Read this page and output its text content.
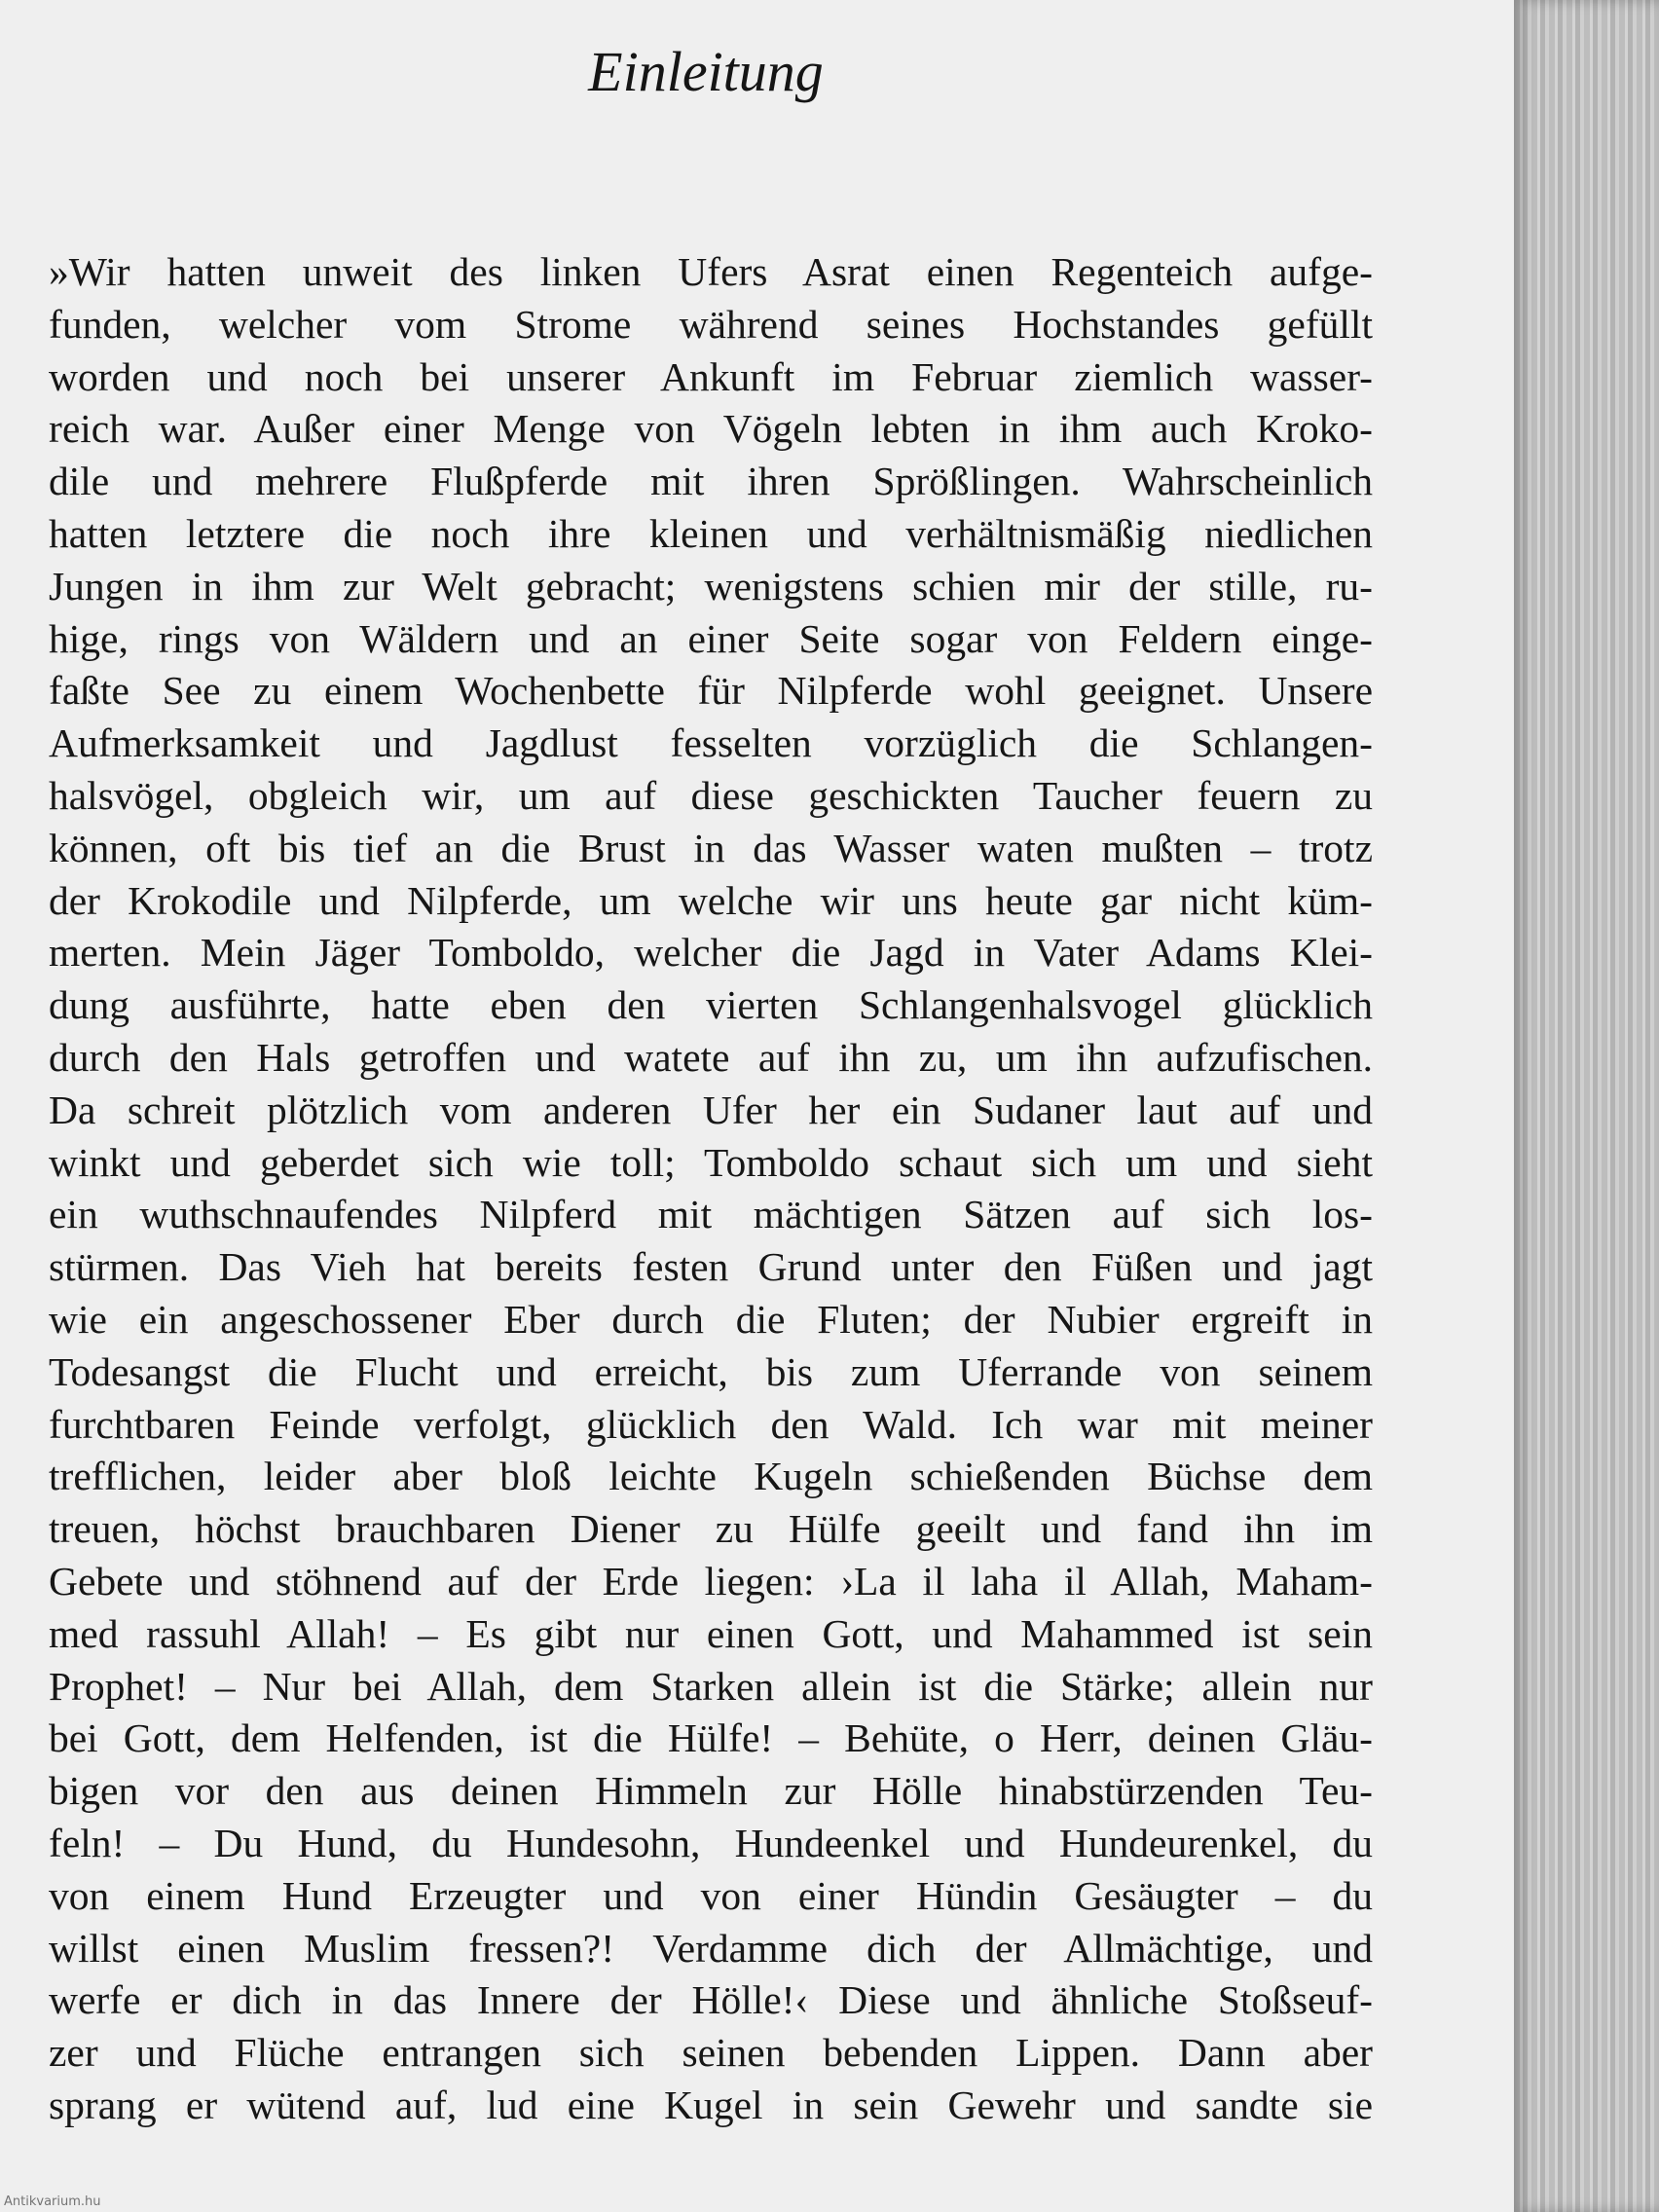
Einleitung
»Wir hatten unweit des linken Ufers Asrat einen Regenteich aufge-
funden, welcher vom Strome während seines Hochstandes gefüllt
worden und noch bei unserer Ankunft im Februar ziemlich wasser-
reich war. Außer einer Menge von Vögeln lebten in ihm auch Kroko-
dile und mehrere Flußpferde mit ihren Sprößlingen. Wahrscheinlich
hatten letztere die noch ihre kleinen und verhältnismäßig niedlichen
Jungen in ihm zur Welt gebracht; wenigstens schien mir der stille, ru-
hige, rings von Wäldern und an einer Seite sogar von Feldern einge-
faßte See zu einem Wochenbette für Nilpferde wohl geeignet. Unsere
Aufmerksamkeit und Jagdlust fesselten vorzüglich die Schlangen-
halsvögel, obgleich wir, um auf diese geschickten Taucher feuern zu
können, oft bis tief an die Brust in das Wasser waten mußten – trotz
der Krokodile und Nilpferde, um welche wir uns heute gar nicht küm-
merten. Mein Jäger Tomboldo, welcher die Jagd in Vater Adams Klei-
dung ausführte, hatte eben den vierten Schlangenhalsvogel glücklich
durch den Hals getroffen und watete auf ihn zu, um ihn aufzufischen.
Da schreit plötzlich vom anderen Ufer her ein Sudaner laut auf und
winkt und geberdet sich wie toll; Tomboldo schaut sich um und sieht
ein wuthschnaufendes Nilpferd mit mächtigen Sätzen auf sich los-
stürmen. Das Vieh hat bereits festen Grund unter den Füßen und jagt
wie ein angeschossener Eber durch die Fluten; der Nubier ergreift in
Todesangst die Flucht und erreicht, bis zum Uferrande von seinem
furchtbaren Feinde verfolgt, glücklich den Wald. Ich war mit meiner
trefflichen, leider aber bloß leichte Kugeln schießenden Büchse dem
treuen, höchst brauchbaren Diener zu Hülfe geeilt und fand ihn im
Gebete und stöhnend auf der Erde liegen: ›La il laha il Allah, Maham-
med rassuhl Allah! – Es gibt nur einen Gott, und Mahammed ist sein
Prophet! – Nur bei Allah, dem Starken allein ist die Stärke; allein nur
bei Gott, dem Helfenden, ist die Hülfe! – Behüte, o Herr, deinen Gläu-
bigen vor den aus deinen Himmeln zur Hölle hinabstürzenden Teu-
feln! – Du Hund, du Hundesohn, Hundeenkel und Hundeurenkel, du
von einem Hund Erzeugter und von einer Hündin Gesäugter – du
willst einen Muslim fressen?! Verdamme dich der Allmächtige, und
werfe er dich in das Innere der Hölle!‹ Diese und ähnliche Stoßseuf-
zer und Flüche entrangen sich seinen bebenden Lippen. Dann aber
sprang er wütend auf, lud eine Kugel in sein Gewehr und sandte sie
Antikvarium.hu
